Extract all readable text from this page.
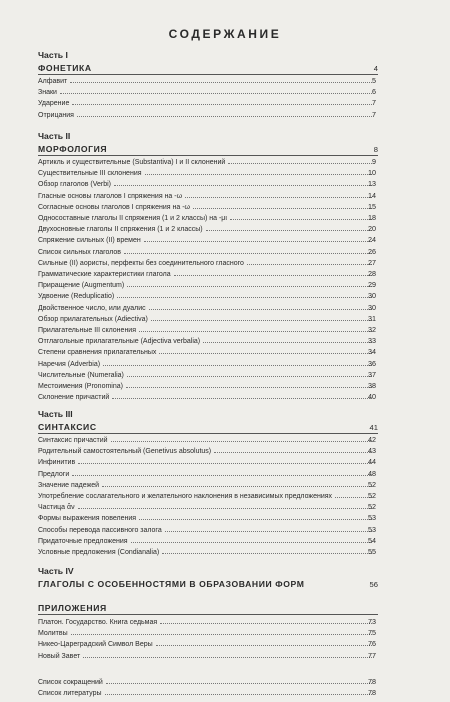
СОДЕРЖАНИЕ
Часть I
ФОНЕТИКА	4
Алфавит	5
Знаки	6
Ударение	7
Отрицания	7
Часть II
МОРФОЛОГИЯ	8
Артикль и существительные (Substantiva) I и II склонений	9
Существительные III склонения	10
Обзор глаголов (Verbi)	13
Гласные основы глаголов I спряжения на -ω	14
Согласные основы глаголов I спряжения на -ω	15
Односоставные глаголы II спряжения (1 и 2 классы) на -μι	18
Двухосновные глаголы II спряжения (1 и 2 классы)	20
Спряжение сильных (II) времен	24
Список сильных глаголов	26
Сильные (II) аористы, перфекты без соединительного гласного	27
Грамматические характеристики глагола	28
Приращение (Augmentum)	29
Удвоение (Reduplicatio)	30
Двойственное число, или дуалис	30
Обзор прилагательных (Adiectiva)	31
Прилагательные III склонения	32
Отглагольные прилагательные (Adjectiva verbalia)	33
Степени сравнения прилагательных	34
Наречия (Adverbia)	36
Числительные (Numeralia)	37
Местоимения (Pronomina)	38
Склонение причастий	40
Часть III
СИНТАКСИС	41
Синтаксис причастий	42
Родительный самостоятельный (Genetivus absolutus)	43
Инфинитив	44
Предлоги	48
Значение падежей	52
Употребление сослагательного и желательного наклонения в независимых предложениях	52
Частица ἄν	52
Формы выражения повеления	53
Способы перевода пассивного залога	53
Придаточные предложения	54
Условные предложения (Condianalia)	55
Часть IV
ГЛАГОЛЫ С ОСОБЕННОСТЯМИ В ОБРАЗОВАНИИ ФОРМ	56
ПРИЛОЖЕНИЯ
Платон. Государство. Книга седьмая	73
Молитвы	75
Никео-Цареградский Символ Веры	76
Новый Завет	77
Список сокращений	78
Список литературы	78
